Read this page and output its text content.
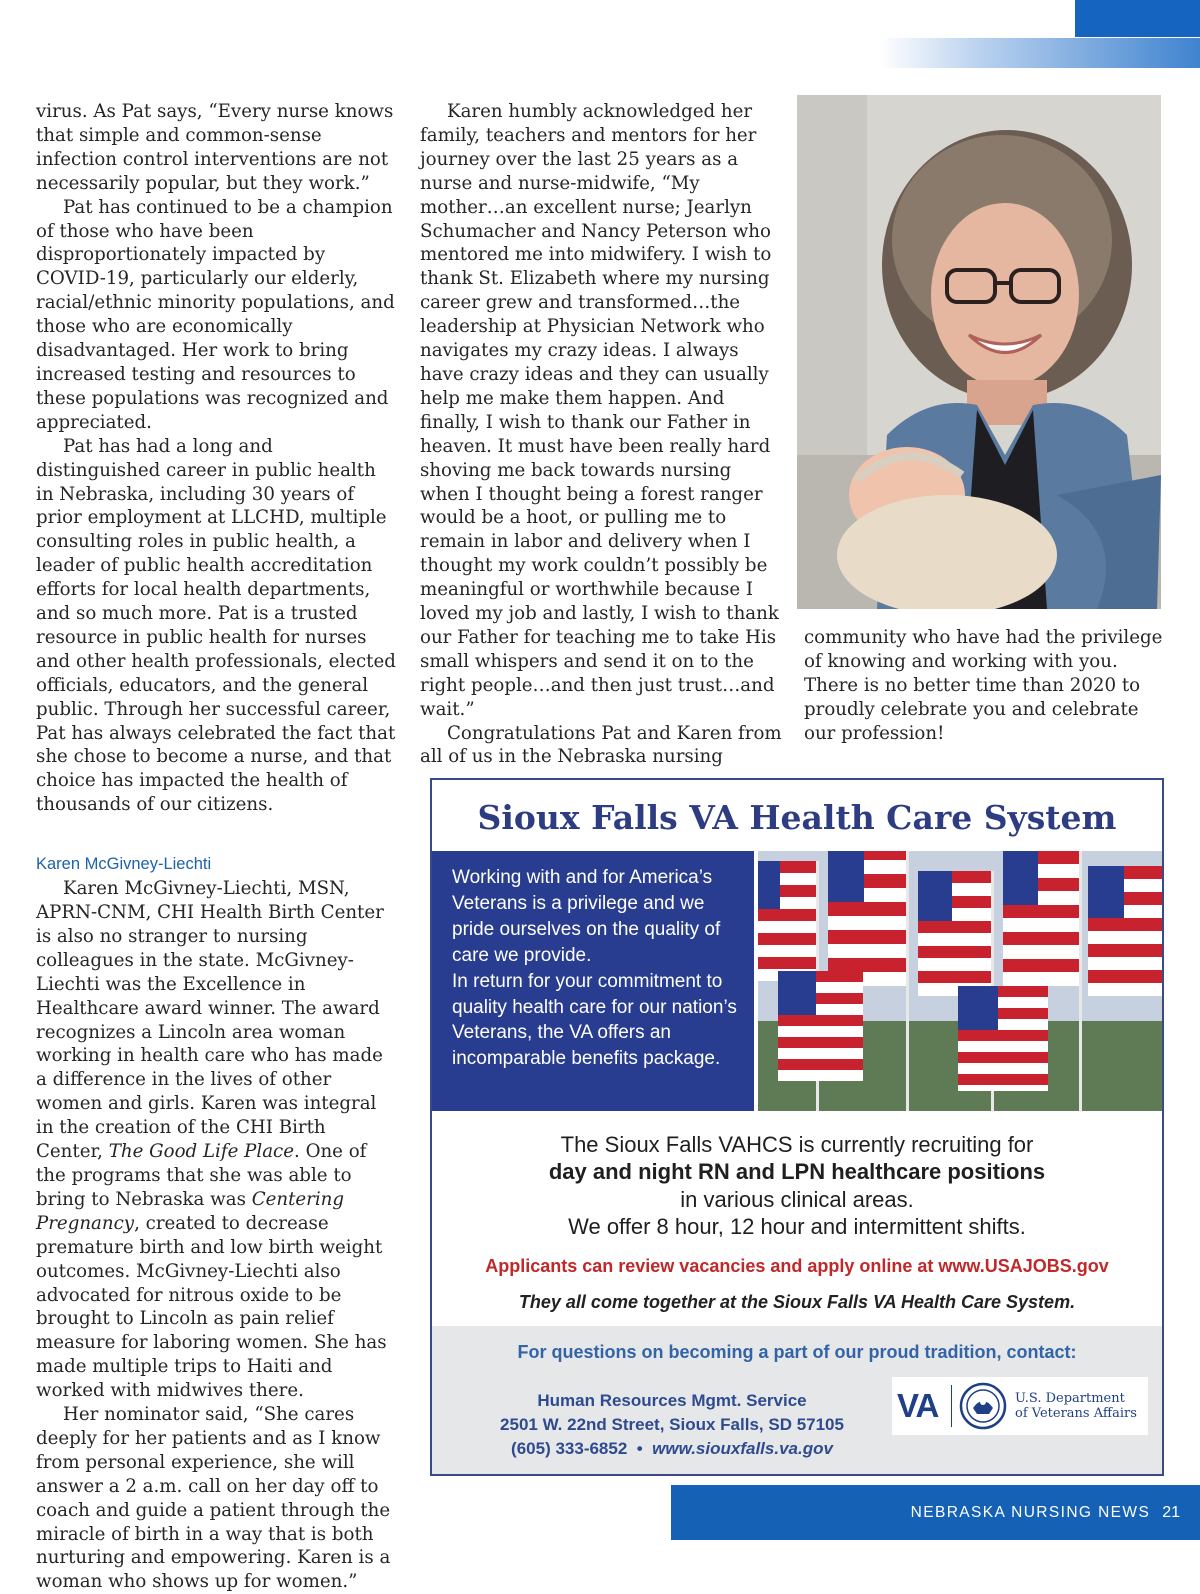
virus. As Pat says, “Every nurse knows that simple and common-sense infection control interventions are not necessarily popular, but they work.”

Pat has continued to be a champion of those who have been disproportionately impacted by COVID-19, particularly our elderly, racial/ethnic minority populations, and those who are economically disadvantaged. Her work to bring increased testing and resources to these populations was recognized and appreciated.

Pat has had a long and distinguished career in public health in Nebraska, including 30 years of prior employment at LLCHD, multiple consulting roles in public health, a leader of public health accreditation efforts for local health departments, and so much more. Pat is a trusted resource in public health for nurses and other health professionals, elected officials, educators, and the general public. Through her successful career, Pat has always celebrated the fact that she chose to become a nurse, and that choice has impacted the health of thousands of our citizens.

Karen McGivney-Liechti

Karen McGivney-Liechti, MSN, APRN-CNM, CHI Health Birth Center is also no stranger to nursing colleagues in the state. McGivney-Liechti was the Excellence in Healthcare award winner. The award recognizes a Lincoln area woman working in health care who has made a difference in the lives of other women and girls. Karen was integral in the creation of the CHI Birth Center, The Good Life Place. One of the programs that she was able to bring to Nebraska was Centering Pregnancy, created to decrease premature birth and low birth weight outcomes. McGivney-Liechti also advocated for nitrous oxide to be brought to Lincoln as pain relief measure for laboring women. She has made multiple trips to Haiti and worked with midwives there.

Her nominator said, “She cares deeply for her patients and as I know from personal experience, she will answer a 2 a.m. call on her day off to coach and guide a patient through the miracle of birth in a way that is both nurturing and empowering. Karen is a woman who shows up for women.”

Karen humbly acknowledged her family, teachers and mentors for her journey over the last 25 years as a nurse and nurse-midwife, “My mother…an excellent nurse; Jearlyn Schumacher and Nancy Peterson who mentored me into midwifery. I wish to thank St. Elizabeth where my nursing career grew and transformed…the leadership at Physician Network who navigates my crazy ideas. I always have crazy ideas and they can usually help me make them happen. And finally, I wish to thank our Father in heaven. It must have been really hard shoving me back towards nursing when I thought being a forest ranger would be a hoot, or pulling me to remain in labor and delivery when I thought my work couldn’t possibly be meaningful or worthwhile because I loved my job and lastly, I wish to thank our Father for teaching me to take His small whispers and send it on to the right people…and then just trust…and wait.”

Congratulations Pat and Karen from all of us in the Nebraska nursing

community who have had the privilege of knowing and working with you. There is no better time than 2020 to proudly celebrate you and celebrate our profession!

Sioux Falls VA Health Care System

Working with and for America’s Veterans is a privilege and we pride ourselves on the quality of care we provide.

In return for your commitment to quality health care for our nation’s Veterans, the VA offers an incomparable benefits package.

The Sioux Falls VAHCS is currently recruiting for
day and night RN and LPN healthcare positions
in various clinical areas.
We offer 8 hour, 12 hour and intermittent shifts.
Applicants can review vacancies and apply online at www.USAJOBS.gov
They all come together at the Sioux Falls VA Health Care System.
For questions on becoming a part of our proud tradition, contact:
Human Resources Mgmt. Service
2501 W. 22nd Street, Sioux Falls, SD 57105
(605) 333-6852 • www.siouxfalls.va.gov
VA	U.S. Department
of Veterans Affairs
NEBRASKA NURSING NEWS 21
